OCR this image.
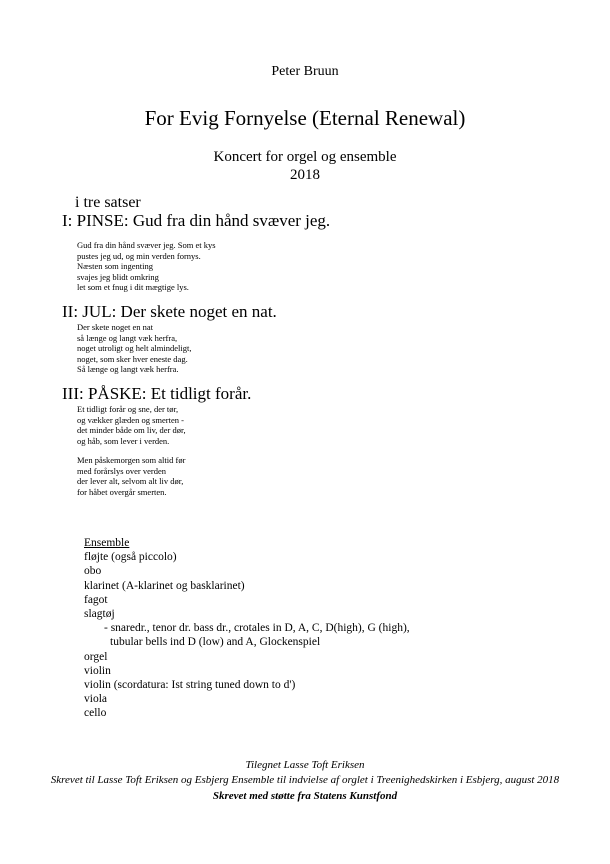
Peter Bruun
For Evig Fornyelse (Eternal Renewal)
Koncert for orgel og ensemble
2018
i tre satser
I: PINSE: Gud fra din hånd svæver jeg.
Gud fra din hånd svæver jeg. Som et kys
pustes jeg ud, og min verden fornys.
Næsten som ingenting
svajes jeg blidt omkring
let som et fnug i dit mægtige lys.
II: JUL: Der skete noget en nat.
Der skete noget en nat
så længe og langt væk herfra,
noget utroligt og helt almindeligt,
noget, som sker hver eneste dag.
Så længe og langt væk herfra.
III: PÅSKE: Et tidligt forår.
Et tidligt forår og sne, der tør,
og vækker glæden og smerten -
det minder både om liv, der dør,
og håb, som lever i verden.
Men påskemorgen som altid før
med forårslys over verden
der lever alt, selvom alt liv dør,
for håbet overgår smerten.
Ensemble
fløjte (også piccolo)
obo
klarinet (A-klarinet og basklarinet)
fagot
slagtøj
- snaredr., tenor dr. bass dr., crotales in D, A, C, D(high), G (high),
tubular bells ind D (low) and A, Glockenspiel
orgel
violin
violin (scordatura: Ist string tuned down to d')
viola
cello
Tilegnet Lasse Toft Eriksen
Skrevet til Lasse Toft Eriksen og Esbjerg Ensemble til indvielse af orglet i Treenighedskirken i Esbjerg, august 2018
Skrevet med støtte fra Statens Kunstfond
